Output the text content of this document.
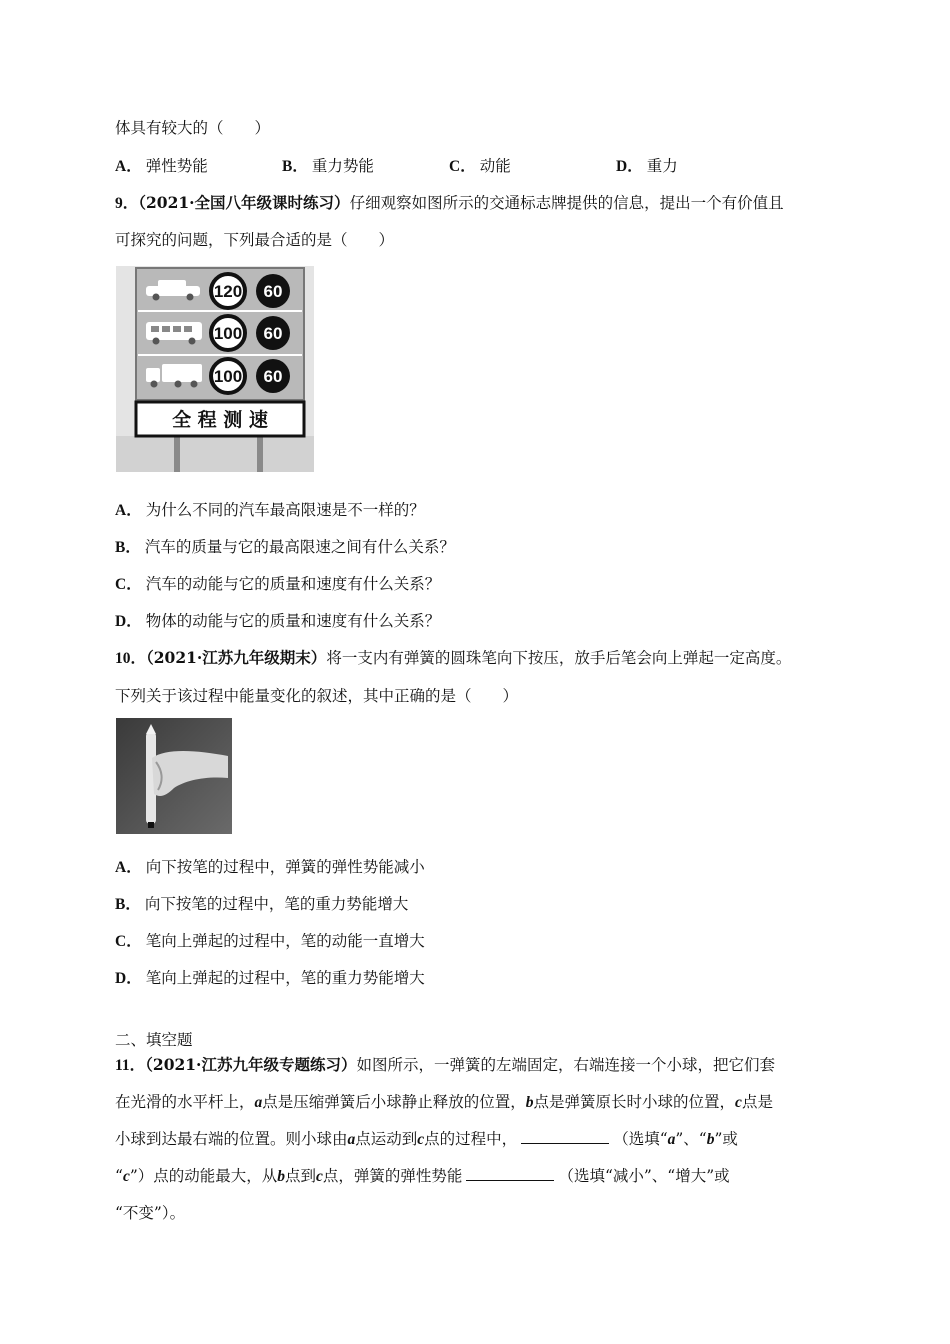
体具有较大的（　　）
A． 弹性势能	B． 重力势能	C． 动能	D． 重力
9．（2021·全国八年级课时练习）仔细观察如图所示的交通标志牌提供的信息，提出一个有价值且
可探究的问题，下列最合适的是（　　）
120 60
100 60
100 60
全 程 测 速
A． 为什么不同的汽车最高限速是不一样的？
B． 汽车的质量与它的最高限速之间有什么关系？
C． 汽车的动能与它的质量和速度有什么关系？
D． 物体的动能与它的质量和速度有什么关系？
10．（2021·江苏九年级期末）将一支内有弹簧的圆珠笔向下按压，放手后笔会向上弹起一定高度。
下列关于该过程中能量变化的叙述，其中正确的是（　　）
A． 向下按笔的过程中，弹簧的弹性势能减小
B． 向下按笔的过程中，笔的重力势能增大
C． 笔向上弹起的过程中，笔的动能一直增大
D． 笔向上弹起的过程中，笔的重力势能增大
二、填空题
11．（2021·江苏九年级专题练习）如图所示，一弹簧的左端固定，右端连接一个小球，把它们套
在光滑的水平杆上，a点是压缩弹簧后小球静止释放的位置，b点是弹簧原长时小球的位置，c点是
小球到达最右端的位置。则小球由a点运动到c点的过程中，	（选填“a”、“b”或
“c”）点的动能最大，从b点到c点，弹簧的弹性势能	（选填“减小”、“增大”或
“不变”）。
